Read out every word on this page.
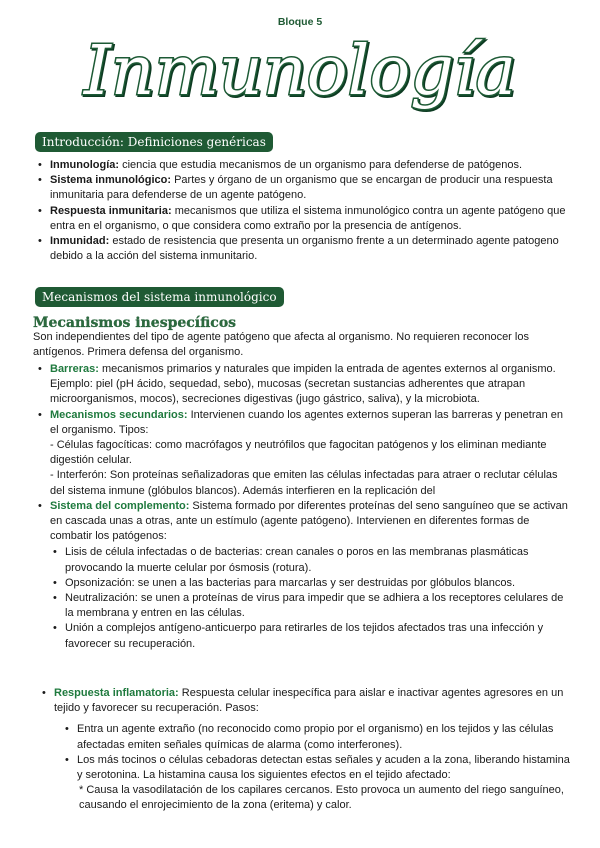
Bloque 5
Inmunología
Introducción: Definiciones genéricas
• Inmunología: ciencia que estudia mecanismos de un organismo para defenderse de patógenos.
• Sistema inmunológico: Partes y órgano de un organismo que se encargan de producir una respuesta inmunitaria para defenderse de un agente patógeno.
• Respuesta inmunitaria: mecanismos que utiliza el sistema inmunológico contra un agente patógeno que entra en el organismo, o que considera como extraño por la presencia de antígenos.
• Inmunidad: estado de resistencia que presenta un organismo frente a un determinado agente patogeno debido a la acción del sistema inmunitario.
Mecanismos del sistema inmunológico
Mecanismos inespecíficos
Son independientes del tipo de agente patógeno que afecta al organismo. No requieren reconocer los antígenos. Primera defensa del organismo.
• Barreras: mecanismos primarios y naturales que impiden la entrada de agentes externos al organismo. Ejemplo: piel (pH ácido, sequedad, sebo), mucosas (secretan sustancias adherentes que atrapan microorganismos, mocos), secreciones digestivas (jugo gástrico, saliva), y la microbiota.
• Mecanismos secundarios: Intervienen cuando los agentes externos superan las barreras y penetran en el organismo. Tipos:
- Células fagocíticas: como macrófagos y neutrófilos que fagocitan patógenos y los eliminan mediante digestión celular.
- Interferón: Son proteínas señalizadoras que emiten las células infectadas para atraer o reclutar células del sistema inmune (glóbulos blancos). Además interfieren en la replicación del
• Sistema del complemento: Sistema formado por diferentes proteínas del seno sanguíneo que se activan en cascada unas a otras, ante un estímulo (agente patógeno). Intervienen en diferentes formas de combatir los patógenos:
• Lisis de célula infectadas o de bacterias: crean canales o poros en las membranas plasmáticas provocando la muerte celular por ósmosis (rotura).
• Opsonización: se unen a las bacterias para marcarlas y ser destruidas por glóbulos blancos.
• Neutralización: se unen a proteínas de virus para impedir que se adhiera a los receptores celulares de la membrana y entren en las células.
• Unión a complejos antígeno-anticuerpo para retirarles de los tejidos afectados tras una infección y favorecer su recuperación.
• Respuesta inflamatoria: Respuesta celular inespecífica para aislar e inactivar agentes agresores en un tejido y favorecer su recuperación. Pasos:
• Entra un agente extraño (no reconocido como propio por el organismo) en los tejidos y las células afectadas emiten señales químicas de alarma (como interferones).
• Los más tocinos o células cebadoras detectan estas señales y acuden a la zona, liberando histamina y serotonina. La histamina causa los siguientes efectos en el tejido afectado:
* Causa la vasodilatación de los capilares cercanos. Esto provoca un aumento del riego sanguíneo, causando el enrojecimiento de la zona (eritema) y calor.
